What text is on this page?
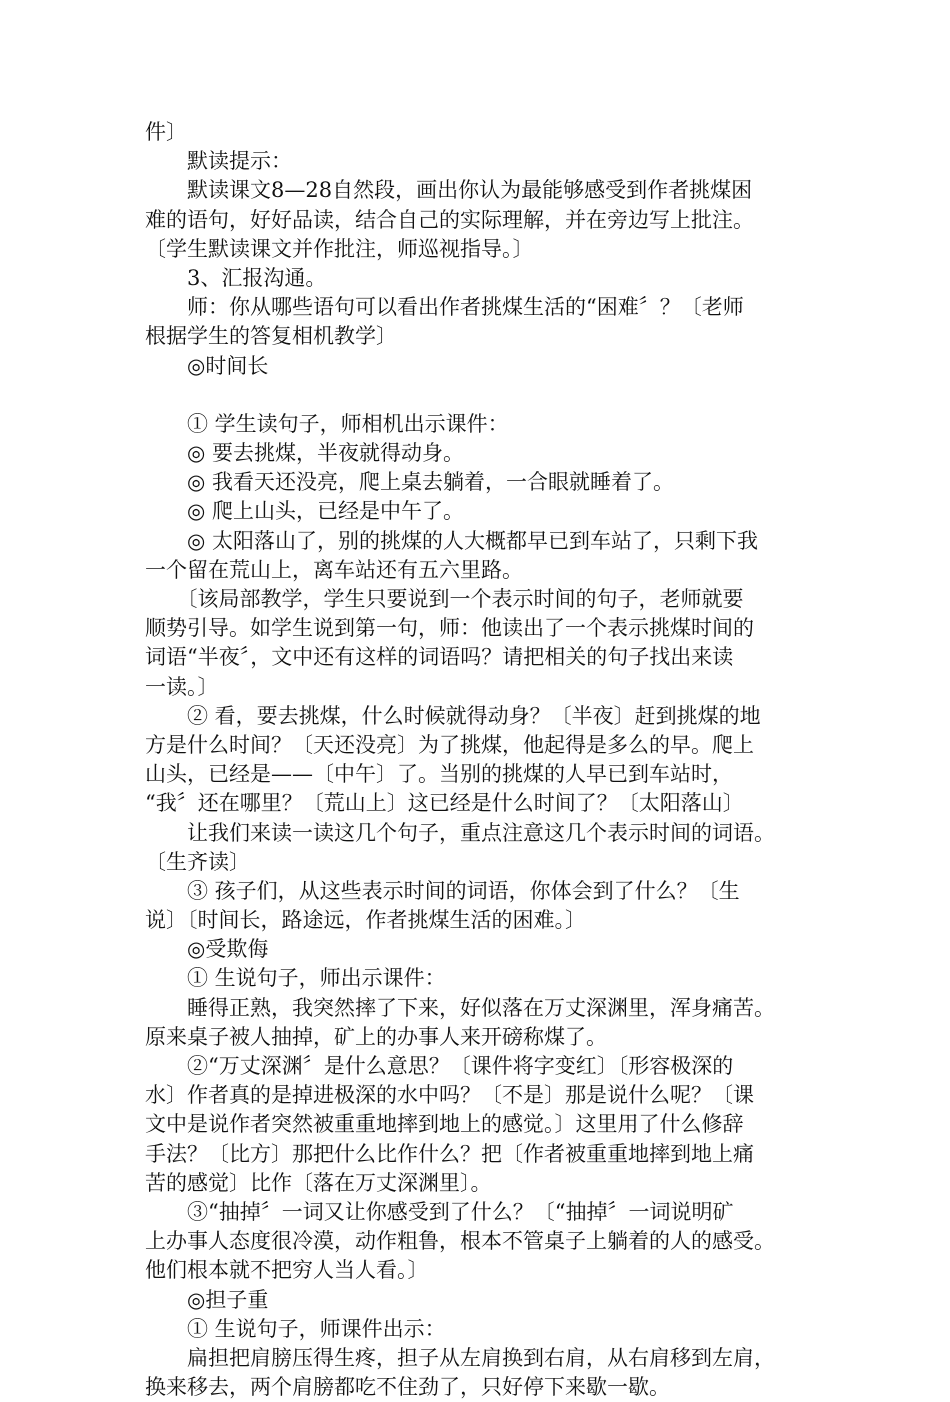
件〕
　　默读提示：
　　默读课文8—28自然段，画出你认为最能够感受到作者挑煤困
难的语句，好好品读，结合自己的实际理解，并在旁边写上批注。
〔学生默读课文并作批注，师巡视指导。〕
　　3、汇报沟通。
　　师：你从哪些语句可以看出作者挑煤生活的“困难〞？〔老师
根据学生的答复相机教学〕
　　◎时间长
　　① 学生读句子，师相机出示课件：
　　◎ 要去挑煤，半夜就得动身。
　　◎ 我看天还没亮，爬上桌去躺着，一合眼就睡着了。
　　◎ 爬上山头，已经是中午了。
　　◎ 太阳落山了，别的挑煤的人大概都早已到车站了，只剩下我
一个留在荒山上，离车站还有五六里路。
　　〔该局部教学，学生只要说到一个表示时间的句子，老师就要
顺势引导。如学生说到第一句，师：他读出了一个表示挑煤时间的
词语“半夜〞，文中还有这样的词语吗？请把相关的句子找出来读
一读。〕
　　② 看，要去挑煤，什么时候就得动身？〔半夜〕赶到挑煤的地
方是什么时间？〔天还没亮〕为了挑煤，他起得是多么的早。爬上
山头，已经是——〔中午〕了。当别的挑煤的人早已到车站时，
“我〞还在哪里？〔荒山上〕这已经是什么时间了？〔太阳落山〕
　　让我们来读一读这几个句子，重点注意这几个表示时间的词语。
〔生齐读〕
　　③ 孩子们，从这些表示时间的词语，你体会到了什么？〔生
说〕〔时间长，路途远，作者挑煤生活的困难。〕
　　◎受欺侮
　　① 生说句子，师出示课件：
　　睡得正熟，我突然摔了下来，好似落在万丈深渊里，浑身痛苦。
原来桌子被人抽掉，矿上的办事人来开磅称煤了。
　　②“万丈深渊〞是什么意思？〔课件将字变红〕〔形容极深的
水〕作者真的是掉进极深的水中吗？〔不是〕那是说什么呢？〔课
文中是说作者突然被重重地摔到地上的感觉。〕这里用了什么修辞
手法？〔比方〕那把什么比作什么？把〔作者被重重地摔到地上痛
苦的感觉〕比作〔落在万丈深渊里〕。
　　③“抽掉〞一词又让你感受到了什么？〔“抽掉〞一词说明矿
上办事人态度很冷漠，动作粗鲁，根本不管桌子上躺着的人的感受。
他们根本就不把穷人当人看。〕
　　◎担子重
　　① 生说句子，师课件出示：
　　扁担把肩膀压得生疼，担子从左肩换到右肩，从右肩移到左肩，
换来移去，两个肩膀都吃不住劲了，只好停下来歇一歇。
